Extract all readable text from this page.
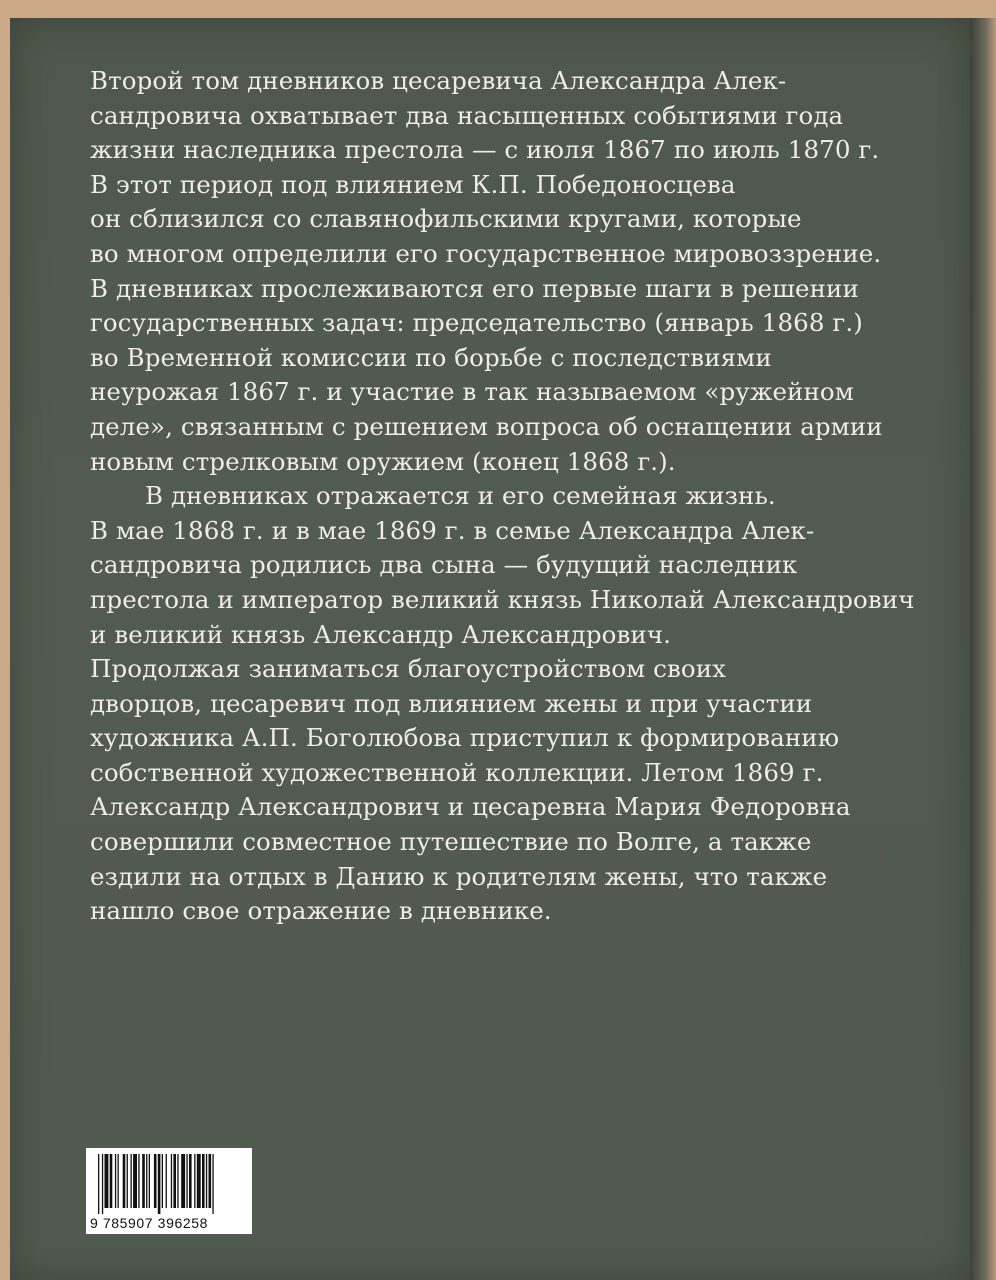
Второй том дневников цесаревича Александра Алек-
сандровича охватывает два насыщенных событиями года
жизни наследника престола — с июля 1867 по июль 1870 г.
В этот период под влиянием К.П. Победоносцева
он сблизился со славянофильскими кругами, которые
во многом определили его государственное мировоззрение.
В дневниках прослеживаются его первые шаги в решении
государственных задач: председательство (январь 1868 г.)
во Временной комиссии по борьбе с последствиями
неурожая 1867 г. и участие в так называемом «ружейном
деле», связанным с решением вопроса об оснащении армии
новым стрелковым оружием (конец 1868 г.).
В дневниках отражается и его семейная жизнь.
В мае 1868 г. и в мае 1869 г. в семье Александра Алек-
сандровича родились два сына — будущий наследник
престола и император великий князь Николай Александрович
и великий князь Александр Александрович.
Продолжая заниматься благоустройством своих
дворцов, цесаревич под влиянием жены и при участии
художника А.П. Боголюбова приступил к формированию
собственной художественной коллекции. Летом 1869 г.
Александр Александрович и цесаревна Мария Федоровна
совершили совместное путешествие по Волге, а также
ездили на отдых в Данию к родителям жены, что также
нашло свое отражение в дневнике.
9 785907 396258
